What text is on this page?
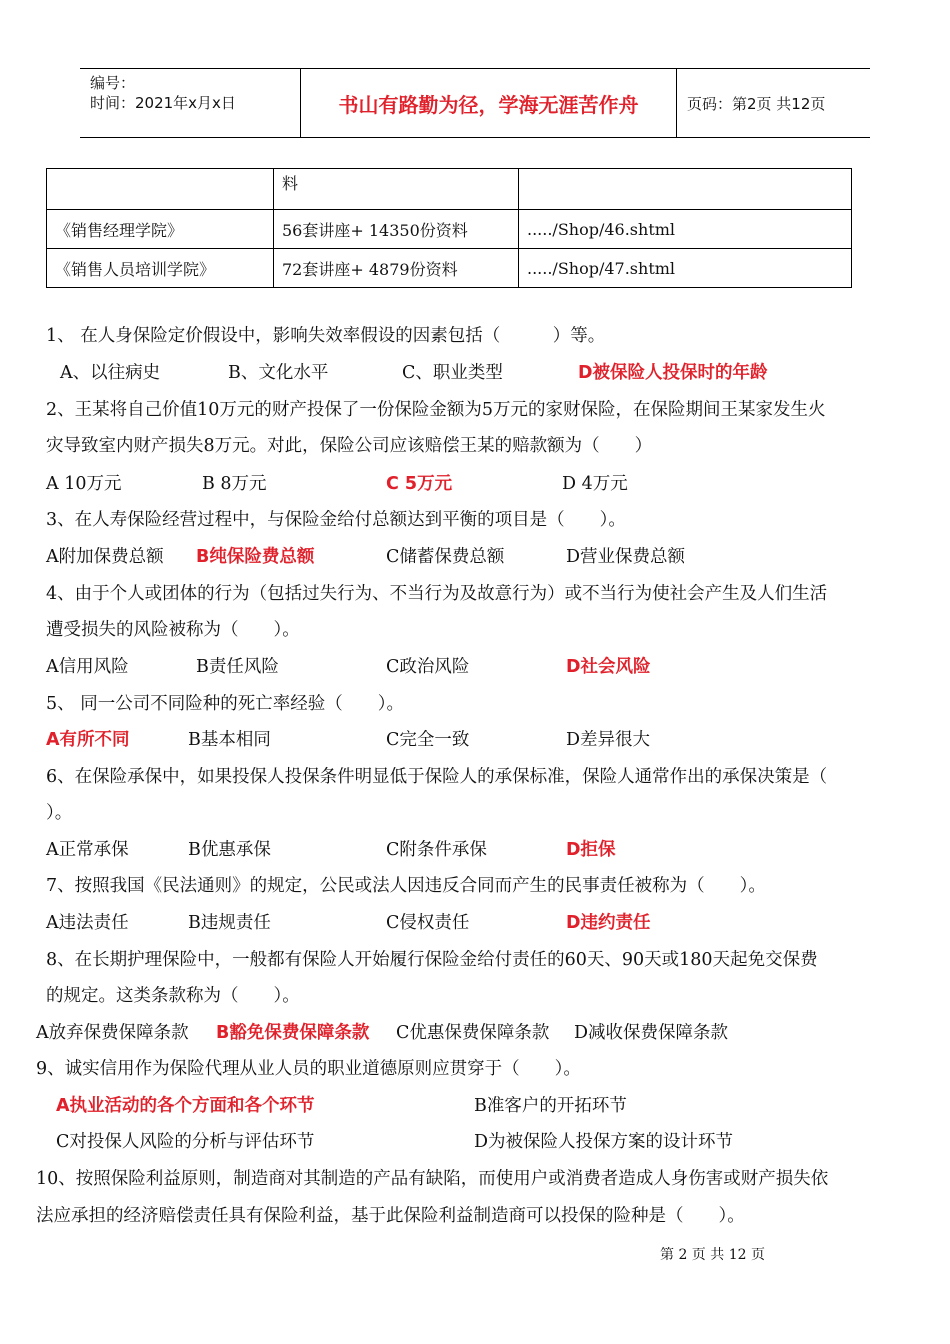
编号：
时间：2021年x月x日	书山有路勤为径，学海无涯苦作舟	页码：第2页 共12页
	料	
《销售经理学院》	56套讲座+ 14350份资料	...../Shop/46.shtml
《销售人员培训学院》	72套讲座+ 4879份资料	...../Shop/47.shtml
1、 在人身保险定价假设中，影响失效率假设的因素包括（　　　）等。
A、以往病史	B、文化水平	C、职业类型	D被保险人投保时的年龄
2、王某将自己价值10万元的财产投保了一份保险金额为5万元的家财保险，在保险期间王某家发生火
灾导致室内财产损失8万元。对此，保险公司应该赔偿王某的赔款额为（　　）
A 10万元	B 8万元	C 5万元	D 4万元
3、在人寿保险经营过程中，与保险金给付总额达到平衡的项目是（　　）。
A附加保费总额 B纯保险费总额	C储蓄保费总额	D营业保费总额
4、由于个人或团体的行为（包括过失行为、不当行为及故意行为）或不当行为使社会产生及人们生活
遭受损失的风险被称为（　　）。
A信用风险	B责任风险	C政治风险	D社会风险
5、 同一公司不同险种的死亡率经验（　　）。
A有所不同	B基本相同	C完全一致	D差异很大
6、在保险承保中，如果投保人投保条件明显低于保险人的承保标准，保险人通常作出的承保决策是（
）。
A正常承保	B优惠承保	C附条件承保	D拒保
7、按照我国《民法通则》的规定，公民或法人因违反合同而产生的民事责任被称为（　　）。
A违法责任	B违规责任	C侵权责任	D违约责任
8、在长期护理保险中，一般都有保险人开始履行保险金给付责任的60天、90天或180天起免交保费
的规定。这类条款称为（　　）。
A放弃保费保障条款 B豁免保费保障条款 C优惠保费保障条款 D减收保费保障条款
9、诚实信用作为保险代理从业人员的职业道德原则应贯穿于（　　）。
A执业活动的各个方面和各个环节	B准客户的开拓环节
C对投保人风险的分析与评估环节	D为被保险人投保方案的设计环节
10、按照保险利益原则，制造商对其制造的产品有缺陷，而使用户或消费者造成人身伤害或财产损失依
法应承担的经济赔偿责任具有保险利益，基于此保险利益制造商可以投保的险种是（　　）。
第 2 页 共 12 页
